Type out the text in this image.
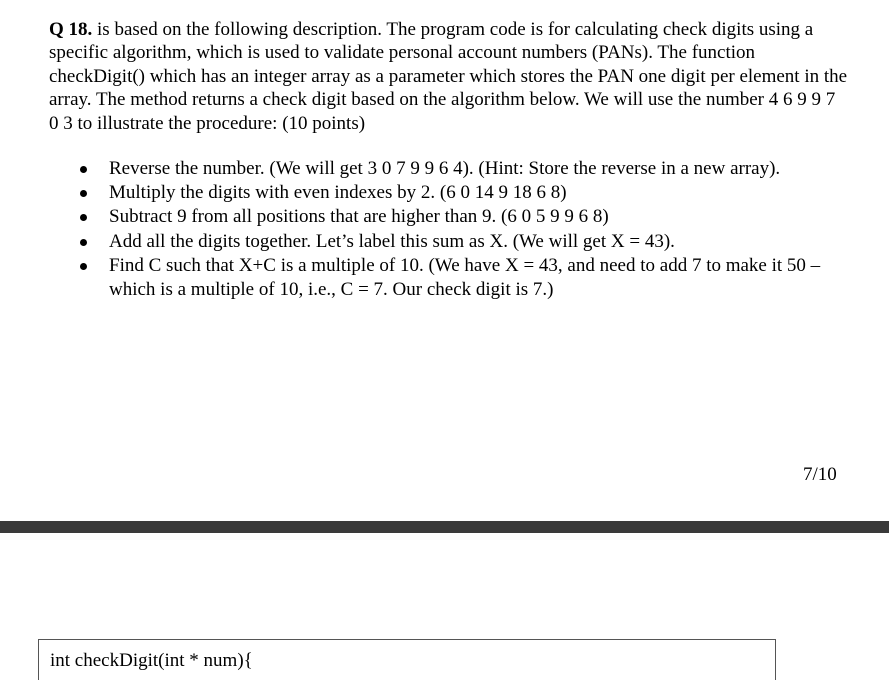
Q 18. is based on the following description. The program code is for calculating check digits using a specific algorithm, which is used to validate personal account numbers (PANs). The function checkDigit() which has an integer array as a parameter which stores the PAN one digit per element in the array. The method returns a check digit based on the algorithm below. We will use the number 4 6 9 9 7 0 3 to illustrate the procedure: (10 points)

Reverse the number. (We will get 3 0 7 9 9 6 4). (Hint: Store the reverse in a new array).
Multiply the digits with even indexes by 2. (6 0 14 9 18 6 8)
Subtract 9 from all positions that are higher than 9. (6 0 5 9 9 6 8)
Add all the digits together. Let’s label this sum as X. (We will get X = 43).
Find C such that X+C is a multiple of 10. (We have X = 43, and need to add 7 to make it 50 – which is a multiple of 10, i.e., C = 7. Our check digit is 7.)
7/10
int checkDigit(int * num){
